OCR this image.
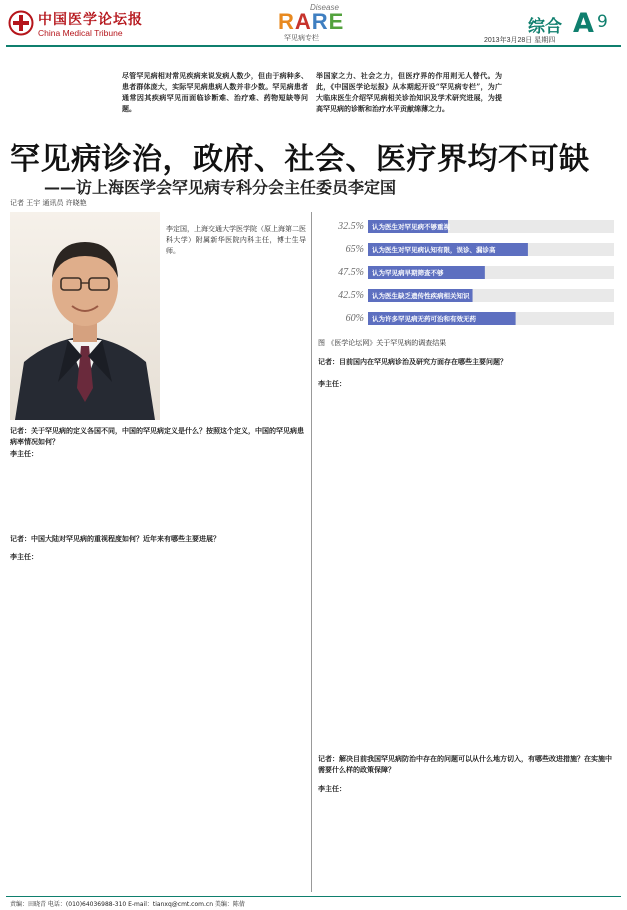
中国医学论坛报
China Medical Tribune
Disease
RARE
罕见病专栏
综合 A 9
2013年3月28日 星期四

尽管罕见病相对常见疾病来说发病人数少，但由于病种多、患者群体庞大，实际罕见病患病人数并非少数。罕见病患者通常因其疾病罕见而面临诊断难、治疗难、药物短缺等问题。

举国家之力、社会之力，但医疗界的作用则无人替代。为此，《中国医学论坛报》从本期起开设“罕见病专栏”，为广大临床医生介绍罕见病相关诊治知识及学术研究进展，为提高罕见病的诊断和治疗水平贡献绵薄之力。

罕见病诊治，政府、社会、医疗界均不可缺
——访上海医学会罕见病专科分会主任委员李定国
记者 王宇 通讯员 许晓艳

李定国，上海交通大学医学院（原上海第二医科大学）附属新华医院内科主任，博士生导师。

32.5% 认为医生对罕见病不够重视
65% 认为医生对罕见病认知有限，误诊、漏诊高
47.5% 认为罕见病早期筛查不够
42.5% 认为医生缺乏遗传性疾病相关知识
60% 认为许多罕见病无药可治和有效无药
图 《医学论坛网》关于罕见病的调查结果

记者：关于罕见病的定义各国不同，中国的罕见病定义是什么？按照这个定义，中国的罕见病患病率情况如何？

李主任：

记者：中国大陆对罕见病的重视程度如何？近年来有哪些主要进展？

李主任：

记者：目前国内在罕见病诊治及研究方面存在哪些主要问题？

李主任：

记者：解决目前我国罕见病防治中存在的问题可以从什么地方切入，有哪些改进措施？在实施中需要什么样的政策保障？

李主任：
责编：田晓青 电话：(010)64036988-310 E-mail：tianxq@cmt.com.cn 美编：陈倩
